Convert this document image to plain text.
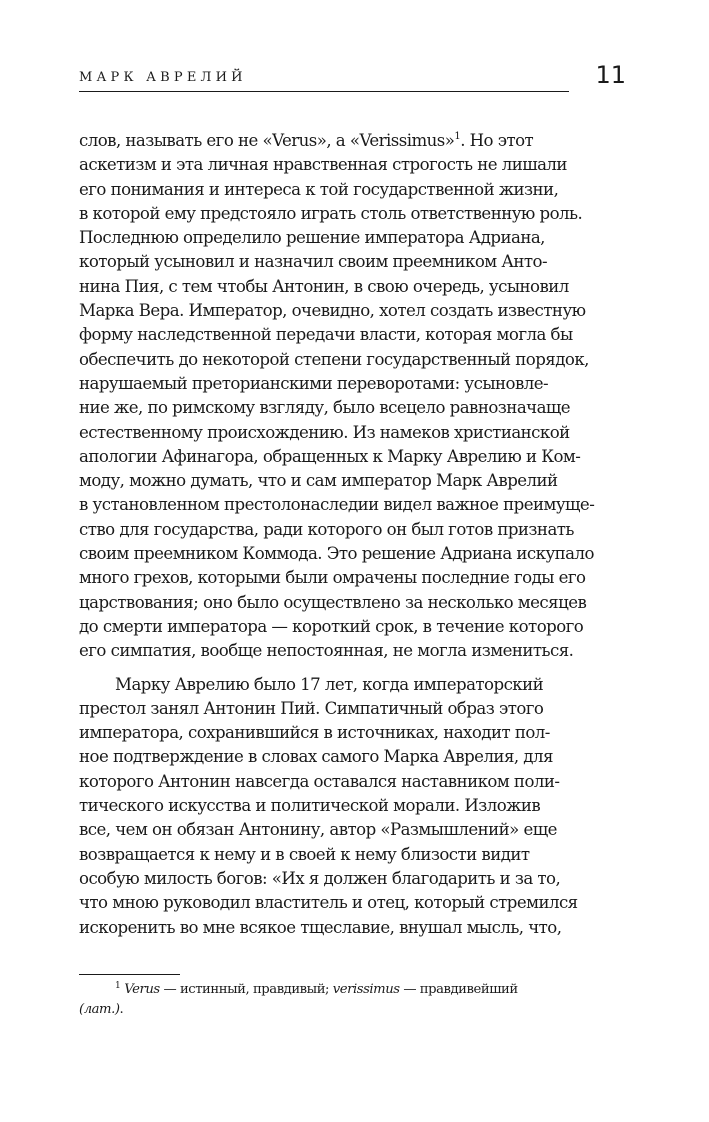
МАРК АВРЕЛИЙ	11
слов, называть его не «Verus», а «Verissimus»$^1$. Но этот
аскетизм и эта личная нравственная строгость не лишали
его понимания и интереса к той государственной жизни,
в которой ему предстояло играть столь ответственную роль.
Последнюю определило решение императора Адриана,
который усыновил и назначил своим преемником Анто-
нина Пия, с тем чтобы Антонин, в свою очередь, усыновил
Марка Вера. Император, очевидно, хотел создать известную
форму наследственной передачи власти, которая могла бы
обеспечить до некоторой степени государственный порядок,
нарушаемый преторианскими переворотами: усыновле-
ние же, по римскому взгляду, было всецело равнозначаще
естественному происхождению. Из намеков христианской
апологии Афинагора, обращенных к Марку Аврелию и Ком-
моду, можно думать, что и сам император Марк Аврелий
в установленном престолонаследии видел важное преимуще-
ство для государства, ради которого он был готов признать
своим преемником Коммода. Это решение Адриана искупало
много грехов, которыми были омрачены последние годы его
царствования; оно было осуществлено за несколько месяцев
до смерти императора — короткий срок, в течение которого
его симпатия, вообще непостоянная, не могла измениться.
Марку Аврелию было 17 лет, когда императорский
престол занял Антонин Пий. Симпатичный образ этого
императора, сохранившийся в источниках, находит пол-
ное подтверждение в словах самого Марка Аврелия, для
которого Антонин навсегда оставался наставником поли-
тического искусства и политической морали. Изложив
все, чем он обязан Антонину, автор «Размышлений» еще
возвращается к нему и в своей к нему близости видит
особую милость богов: «Их я должен благодарить и за то,
что мною руководил властитель и отец, который стремился
искоренить во мне всякое тщеславие, внушал мысль, что,
$^1$ Verus — истинный, правдивый; verissimus — правдивейший
(лат.).
